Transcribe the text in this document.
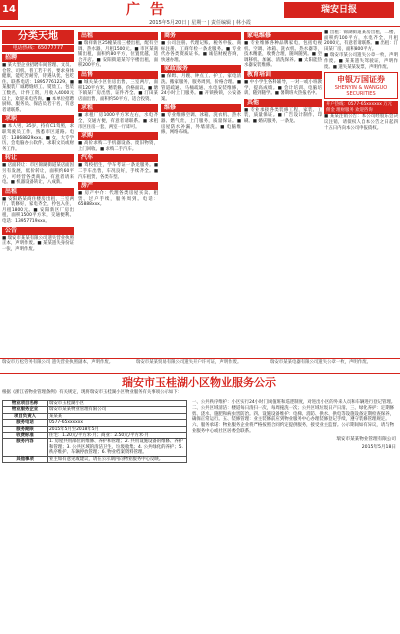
14	广告	瑞安日报
2015年5月20日 | 星期一 | 责任编辑 | 林小霞
分类天地
电话热线：65077777
招聘
■ 某大型企业招聘车间管理、文员、仓管、司机、普工若干名，要求身体健康，能吃苦耐劳，待遇从优，包吃住。联系电话：18957761229。■ 某服装厂诚聘缝纫工、熨烫工、包装工数名，计件工资，月收入4000元以上，欢迎来电咨询。■ 本单位招聘厨师、服务员、保洁员若干名，有意者请联系。
求职
■ 本人男，35岁，持有C1驾照，求职驾驶员工作，熟悉市区道路。电话：13868829xxx。■ 女，大专学历，会电脑办公软件，求职文员或财务工作。
转让
■ 店面转让：市区锦湖街道某店面因另有发展，低价转让，面积约60平方，可经营各类商品，有意者请来电。■ 机器设备转让，八成新。
出租
■ 安阳路某商住楼房出租，三室两厅，装修好，家电齐全，拎包入住，月租1800元。■ 安阳新区厂房出租，面积1500平方米，交通便利。电话：13957719xxx。
公告
■ 瑞安市某某有限公司遗失营业执照正本，声明作废。■ 某某遗失身份证一张，声明作废。
出租
■ 瑞祥新区25幢某房三楼出租，配有空调、热水器，月租1500元。■ 市区某商铺出租，面积约80平方，位置优越，适合开店。■ 安阳街道某写字楼出租，面积200平方。
出售
■ 城关某小区住房出售，三室两厅，面积120平方米，精装修，价格面议。■ 塘下镇某厂房出售，证件齐全。■ 汀田某店面出售，面积约50平方，适合投资。
求租
■ 求租厂房1000平方米左右，水电齐全，交通方便，有意者请联系。■ 求租市区住房一套，两室一厅即可。
求购
■ 高价求购二手机器设备、废旧物资，上门回收。■ 求购二手汽车。
汽车
■ 驾校招生，学车考证一条龙服务。■ 二手车出售，车况良好，手续齐全。■ 汽车租赁，各类车型。
房产
■ 房产中介：代理各类房屋买卖、租赁、过户手续，服务周到。电话：65888xxx。
商务
■ 公司注册、代理记账、税务申报、商标注册、工商年检一条龙服务。■ 专业代办各类资质证书。■ 诚信财税咨询，快速办理。
家政服务
■ 保姆、月嫂、钟点工、护工、家电清洗、搬家服务，服务周到，价格合理。■ 管道疏通、马桶疏通、水电安装维修，24小时上门服务。■ 开锁换锁，公安备案。
维修
■ 专业维修空调、冰箱、洗衣机、热水器、燃气灶，上门服务，质量保证。■ 房屋防水补漏，外墙清洗。■ 电脑维修，网络布线。
家电维修
■ 专业维修各种品牌家电，包括电视机、空调、冰箱、洗衣机、热水器等，技术精湛，收费合理，随叫随到。■ 空调移机、加氟、清洗保养。■ 太阳能热水器安装维修。
教育培训
■ 中小学生各科辅导，一对一或小班教学，提高成绩。■ 会计培训、电脑培训，随到随学。■ 暑期班火热报名中。
其他
■ 专业承接各类装修工程，家装、工装，质量保证。■ 广告设计制作、印刷。■ 婚庆服务，一条龙。
■ 出租：锦湖街道某房出租，二楼，面积约100平方，水电齐全，月租2000元，有意者请联系。■ 出租：汀田某厂房，面积800平方。
■ 瑞安市某公司遗失公章一枚，声明作废。■ 某某遗失驾驶证，声明作废。■ 遗失某某发票，声明作废。
申银万国证券
SHENYIN & WANGUO SECURITIES
开户热线：0577-65xxxxxx 万元佣金 理财服务 欢迎咨询
■ 某某注销公告：本公司经股东会决议注销，请债权人自本公告之日起四十五日内向本公司申报债权。
瑞安市万松劳务有限公司 遗失营业执照副本，声明作废。	瑞安市某某贸易有限公司遗失开户许可证，声明作废。	瑞安市某某电器有限公司遗失公章一枚，声明作废。
瑞安市玉桂湖小区物业服务公示
根据《浙江省物业管理条例》有关规定，现将瑞安市玉桂湖小区物业服务有关事项公示如下：
物业项目名称	瑞安市玉桂湖小区
物业服务企业	瑞安市某某物业管理有限公司
项目负责人	某某某
服务电话	0577-65xxxxxx
服务期限	2015年5月至2018年5月
收费标准	住宅：1.20元/平方米·月；商业：2.50元/平方米·月
服务内容	1. 房屋共用部位的维修、养护和管理；2. 共用设施设备的维修、养护和管理；3. 公共区域的清洁卫生、垃圾收集；4. 公共绿化的养护；5. 秩序维护、车辆停放管理；6. 物业档案资料管理。
其他事项	业主如有意见或建议，请在公示期内向物业服务中心反映。
一、公共秩序维护：小区实行24小时门岗值班和巡逻制度，对进出小区的外来人员和车辆进行登记管理。二、公共区域清洁：楼道每日清扫一次，每周拖洗一次；公共区域垃圾日产日清。三、绿化养护：定期修剪、浇水、施肥和病虫害防治。四、设施设备维护：电梯、消防、供水、供电等设施设备定期检查保养，确保正常运行。五、装修管理：业主装修前应到物业服务中心办理装修登记手续，遵守装修管理规定。六、服务承诺：物业服务企业将严格按照合同约定提供服务，接受业主监督。公示期间如有异议，请与物业服务中心或社区居委会联系。
瑞安市某某物业管理有限公司
2015年5月18日
